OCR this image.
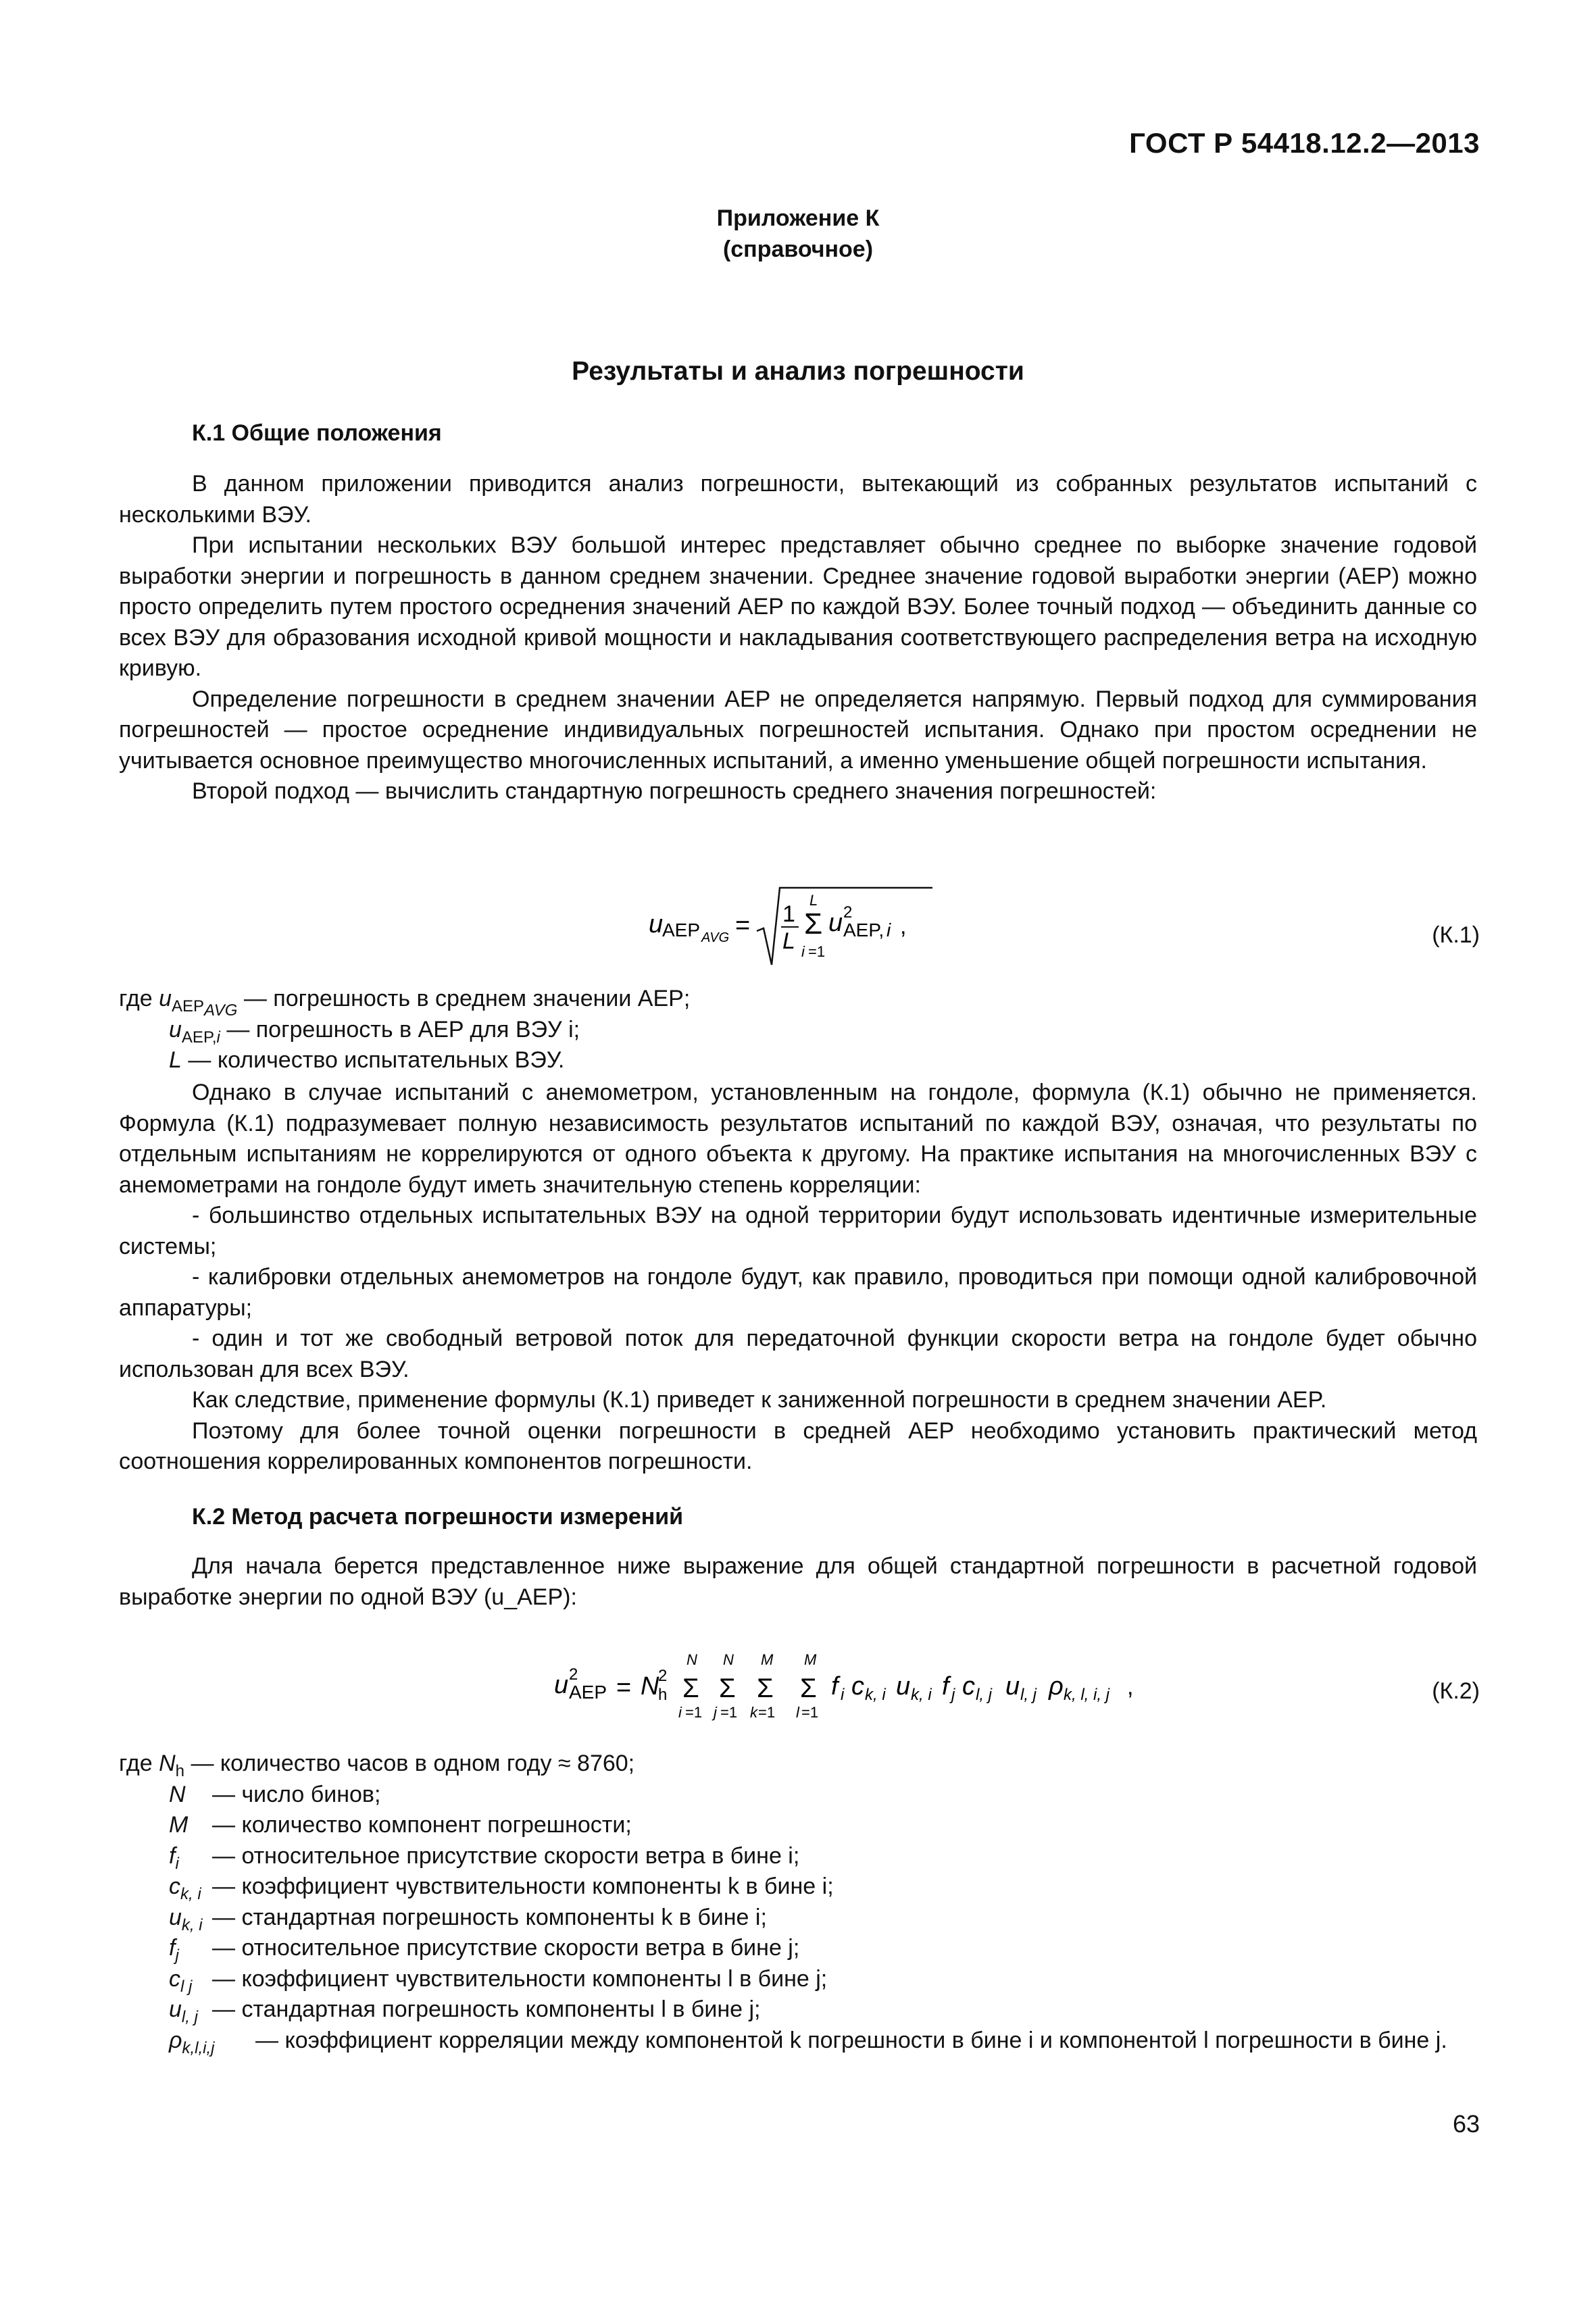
ГОСТ Р 54418.12.2—2013
Приложение К
(справочное)
Результаты и анализ погрешности
К.1 Общие положения

В данном приложении приводится анализ погрешности, вытекающий из собранных результатов испытаний с несколькими ВЭУ.

При испытании нескольких ВЭУ большой интерес представляет обычно среднее по выборке значение годовой выработки энергии и погрешность в данном среднем значении. Среднее значение годовой выработки энергии (AEP) можно просто определить путем простого осреднения значений AEP по каждой ВЭУ. Более точный подход — объединить данные со всех ВЭУ для образования исходной кривой мощности и накладывания соответствующего распределения ветра на исходную кривую.

Определение погрешности в среднем значении AEP не определяется напрямую. Первый подход для суммирования погрешностей — простое осреднение индивидуальных погрешностей испытания. Однако при простом осреднении не учитывается основное преимущество многочисленных испытаний, а именно уменьшение общей погрешности испытания.

Второй подход — вычислить стандартную погрешность среднего значения погрешностей:

u
AEP AVG = 1
L
L
Σ
i =1
u 2
AEP, i ,	(К.1)
где $u_{AEP_{AVG}}$ — погрешность в среднем значении AEP;
$u_{AEP,i}$ — погрешность в AEP для ВЭУ i;
L — количество испытательных ВЭУ.

Однако в случае испытаний с анемометром, установленным на гондоле, формула (К.1) обычно не применяется. Формула (К.1) подразумевает полную независимость результатов испытаний по каждой ВЭУ, означая, что результаты по отдельным испытаниям не коррелируются от одного объекта к другому. На практике испытания на многочисленных ВЭУ с анемометрами на гондоле будут иметь значительную степень корреляции:

- большинство отдельных испытательных ВЭУ на одной территории будут использовать идентичные измерительные системы;

- калибровки отдельных анемометров на гондоле будут, как правило, проводиться при помощи одной калибровочной аппаратуры;

- один и тот же свободный ветровой поток для передаточной функции скорости ветра на гондоле будет обычно использован для всех ВЭУ.

Как следствие, применение формулы (К.1) приведет к заниженной погрешности в среднем значении AEP.

Поэтому для более точной оценки погрешности в средней AEP необходимо установить практический метод соотношения коррелированных компонентов погрешности.

К.2 Метод расчета погрешности измерений

Для начала берется представленное ниже выражение для общей стандартной погрешности в расчетной годовой выработке энергии по одной ВЭУ (u_AEP):

u 2
AEP = N
2
h
N
Σ
i =1
N
Σ
j =1
M
Σ
k =1
M
Σ
l =1
f i c k, i u k, i f j c l, j u l, j ρ k, l, i, j ,	(К.2)
где $N_h$ — количество часов в одном году ≈ 8760;
N — число бинов;
M — количество компонент погрешности;
$f_i$ — относительное присутствие скорости ветра в бине i;
$c_{k, i}$ — коэффициент чувствительности компоненты k в бине i;
$u_{k, i}$ — стандартная погрешность компоненты k в бине i;
$f_j$ — относительное присутствие скорости ветра в бине j;
$c_{l j}$ — коэффициент чувствительности компоненты l в бине j;
$u_{l, j}$ — стандартная погрешность компоненты l в бине j;
$\rho_{k,l,i,j}$	— коэффициент корреляции между компонентой k погрешности в бине i и компонентой l погрешности в бине j.
63
